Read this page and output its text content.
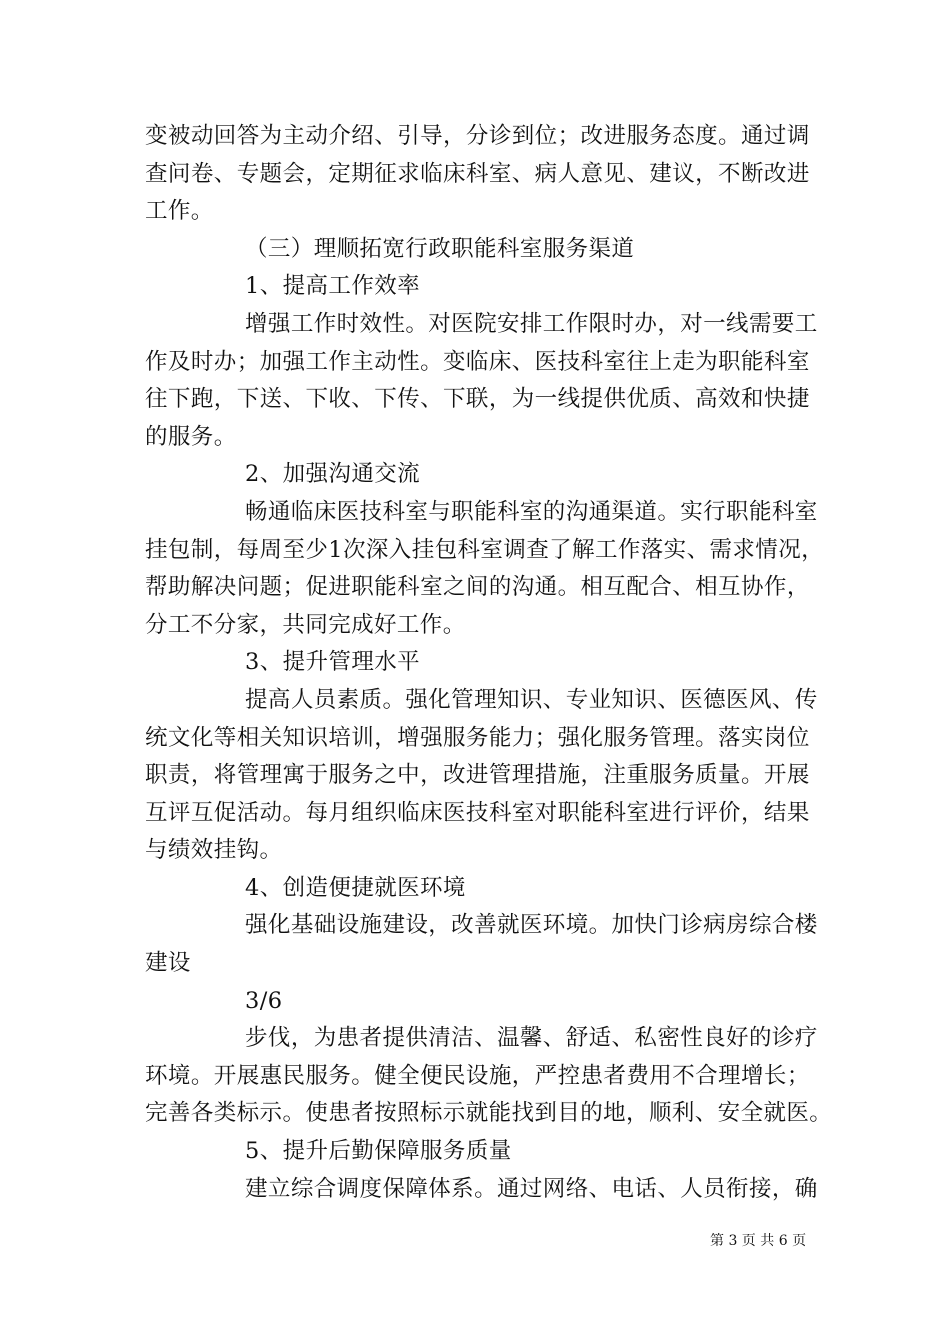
变 被 动 回 答 为 主 动 介 绍 、 引 导 ， 分 诊 到 位 ； 改 进 服 务 态 度 。 通 过 调
查 问 卷 、 专 题 会 ， 定 期 征 求 临 床 科 室 、 病 人 意 见 、 建 议 ， 不 断 改 进
工作。
（三）理顺拓宽行政职能科室服务渠道
1、提高工作效率
增 强 工 作 时 效 性 。 对 医 院 安 排 工 作 限 时 办 ， 对 一 线 需 要 工
作 及 时 办 ； 加 强 工 作 主 动 性 。 变 临 床 、 医 技 科 室 往 上 走 为 职 能 科 室
往 下 跑 ， 下 送 、 下 收 、 下 传 、 下 联 ， 为 一 线 提 供 优 质 、 高 效 和 快 捷
的服务。
2、加强沟通交流
畅 通 临 床 医 技 科 室 与 职 能 科 室 的 沟 通 渠 道 。 实 行 职 能 科 室
挂 包 制 ， 每 周 至 少 1 次 深 入 挂 包 科 室 调 查 了 解 工 作 落 实 、 需 求 情 况 ，
帮 助 解 决 问 题 ； 促 进 职 能 科 室 之 间 的 沟 通 。 相 互 配 合 、 相 互 协 作 ，
分工不分家，共同完成好工作。
3、提升管理水平
提 高 人 员 素 质 。 强 化 管 理 知 识 、 专 业 知 识 、 医 德 医 风 、 传
统 文 化 等 相 关 知 识 培 训 ， 增 强 服 务 能 力 ； 强 化 服 务 管 理 。 落 实 岗 位
职 责 ， 将 管 理 寓 于 服 务 之 中 ， 改 进 管 理 措 施 ， 注 重 服 务 质 量 。 开 展
互 评 互 促 活 动 。 每 月 组 织 临 床 医 技 科 室 对 职 能 科 室 进 行 评 价 ， 结 果
与绩效挂钩。
4、创造便捷就医环境
强 化 基 础 设 施 建 设 ， 改 善 就 医 环 境 。 加 快 门 诊 病 房 综 合 楼
建设
3/6
步 伐 ， 为 患 者 提 供 清 洁 、 温 馨 、 舒 适 、 私 密 性 良 好 的 诊 疗
环 境 。 开 展 惠 民 服 务 。 健 全 便 民 设 施 ， 严 控 患 者 费 用 不 合 理 增 长 ；
完 善 各 类 标 示 。 使 患 者 按 照 标 示 就 能 找 到 目 的 地 ， 顺 利 、 安 全 就 医 。
5、提升后勤保障服务质量
建 立 综 合 调 度 保 障 体 系 。 通 过 网 络 、 电 话 、 人 员 衔 接 ， 确
第 3 页 共 6 页
